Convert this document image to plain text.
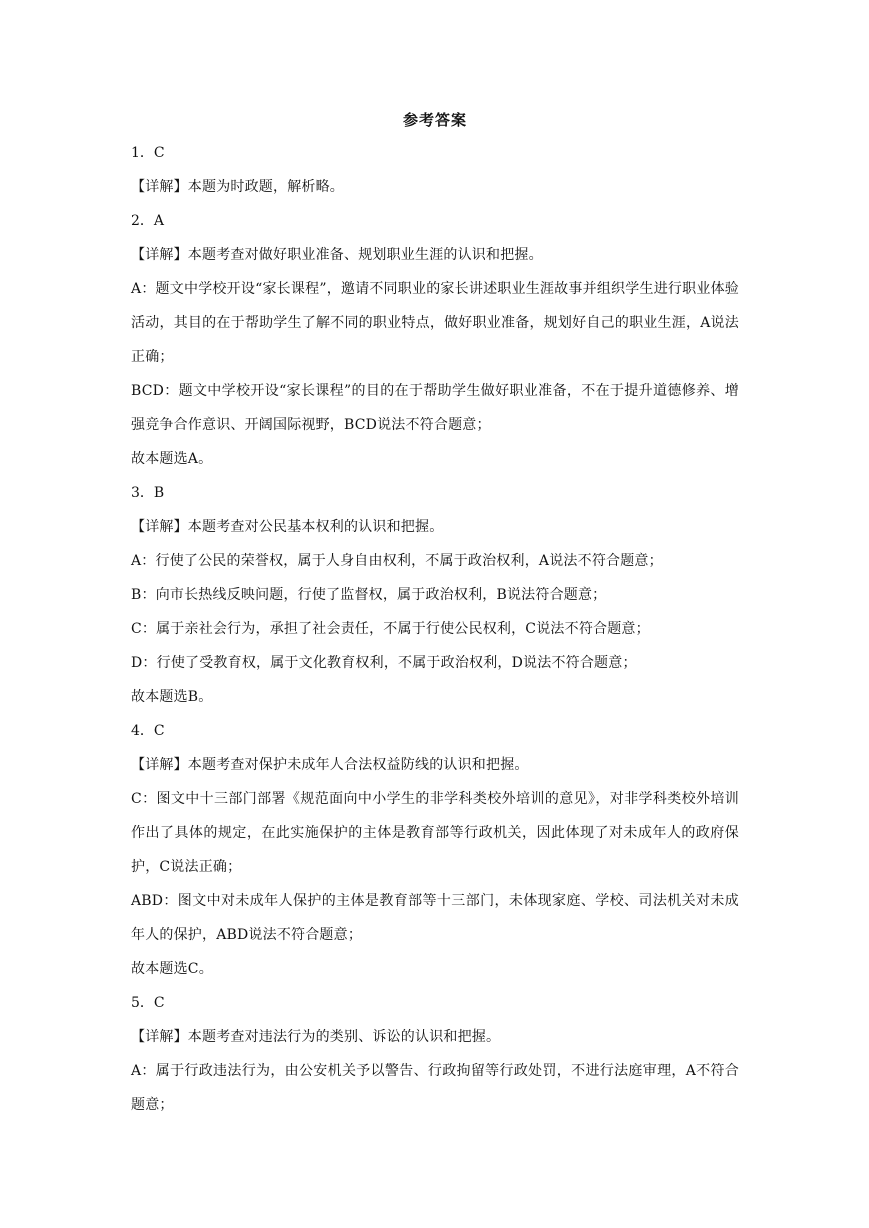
参考答案
1．C
【详解】本题为时政题，解析略。
2．A
【详解】本题考查对做好职业准备、规划职业生涯的认识和把握。
A：题文中学校开设“家长课程”，邀请不同职业的家长讲述职业生涯故事并组织学生进行职业体验活动，其目的在于帮助学生了解不同的职业特点，做好职业准备，规划好自己的职业生涯，A说法正确；
BCD：题文中学校开设“家长课程”的目的在于帮助学生做好职业准备，不在于提升道德修养、增强竞争合作意识、开阔国际视野，BCD说法不符合题意；
故本题选A。
3．B
【详解】本题考查对公民基本权利的认识和把握。
A：行使了公民的荣誉权，属于人身自由权利，不属于政治权利，A说法不符合题意；
B：向市长热线反映问题，行使了监督权，属于政治权利，B说法符合题意；
C：属于亲社会行为，承担了社会责任，不属于行使公民权利，C说法不符合题意；
D：行使了受教育权，属于文化教育权利，不属于政治权利，D说法不符合题意；
故本题选B。
4．C
【详解】本题考查对保护未成年人合法权益防线的认识和把握。
C：图文中十三部门部署《规范面向中小学生的非学科类校外培训的意见》，对非学科类校外培训作出了具体的规定，在此实施保护的主体是教育部等行政机关，因此体现了对未成年人的政府保护，C说法正确；
ABD：图文中对未成年人保护的主体是教育部等十三部门，未体现家庭、学校、司法机关对未成年人的保护，ABD说法不符合题意；
故本题选C。
5．C
【详解】本题考查对违法行为的类别、诉讼的认识和把握。
A：属于行政违法行为，由公安机关予以警告、行政拘留等行政处罚，不进行法庭审理，A不符合题意；
